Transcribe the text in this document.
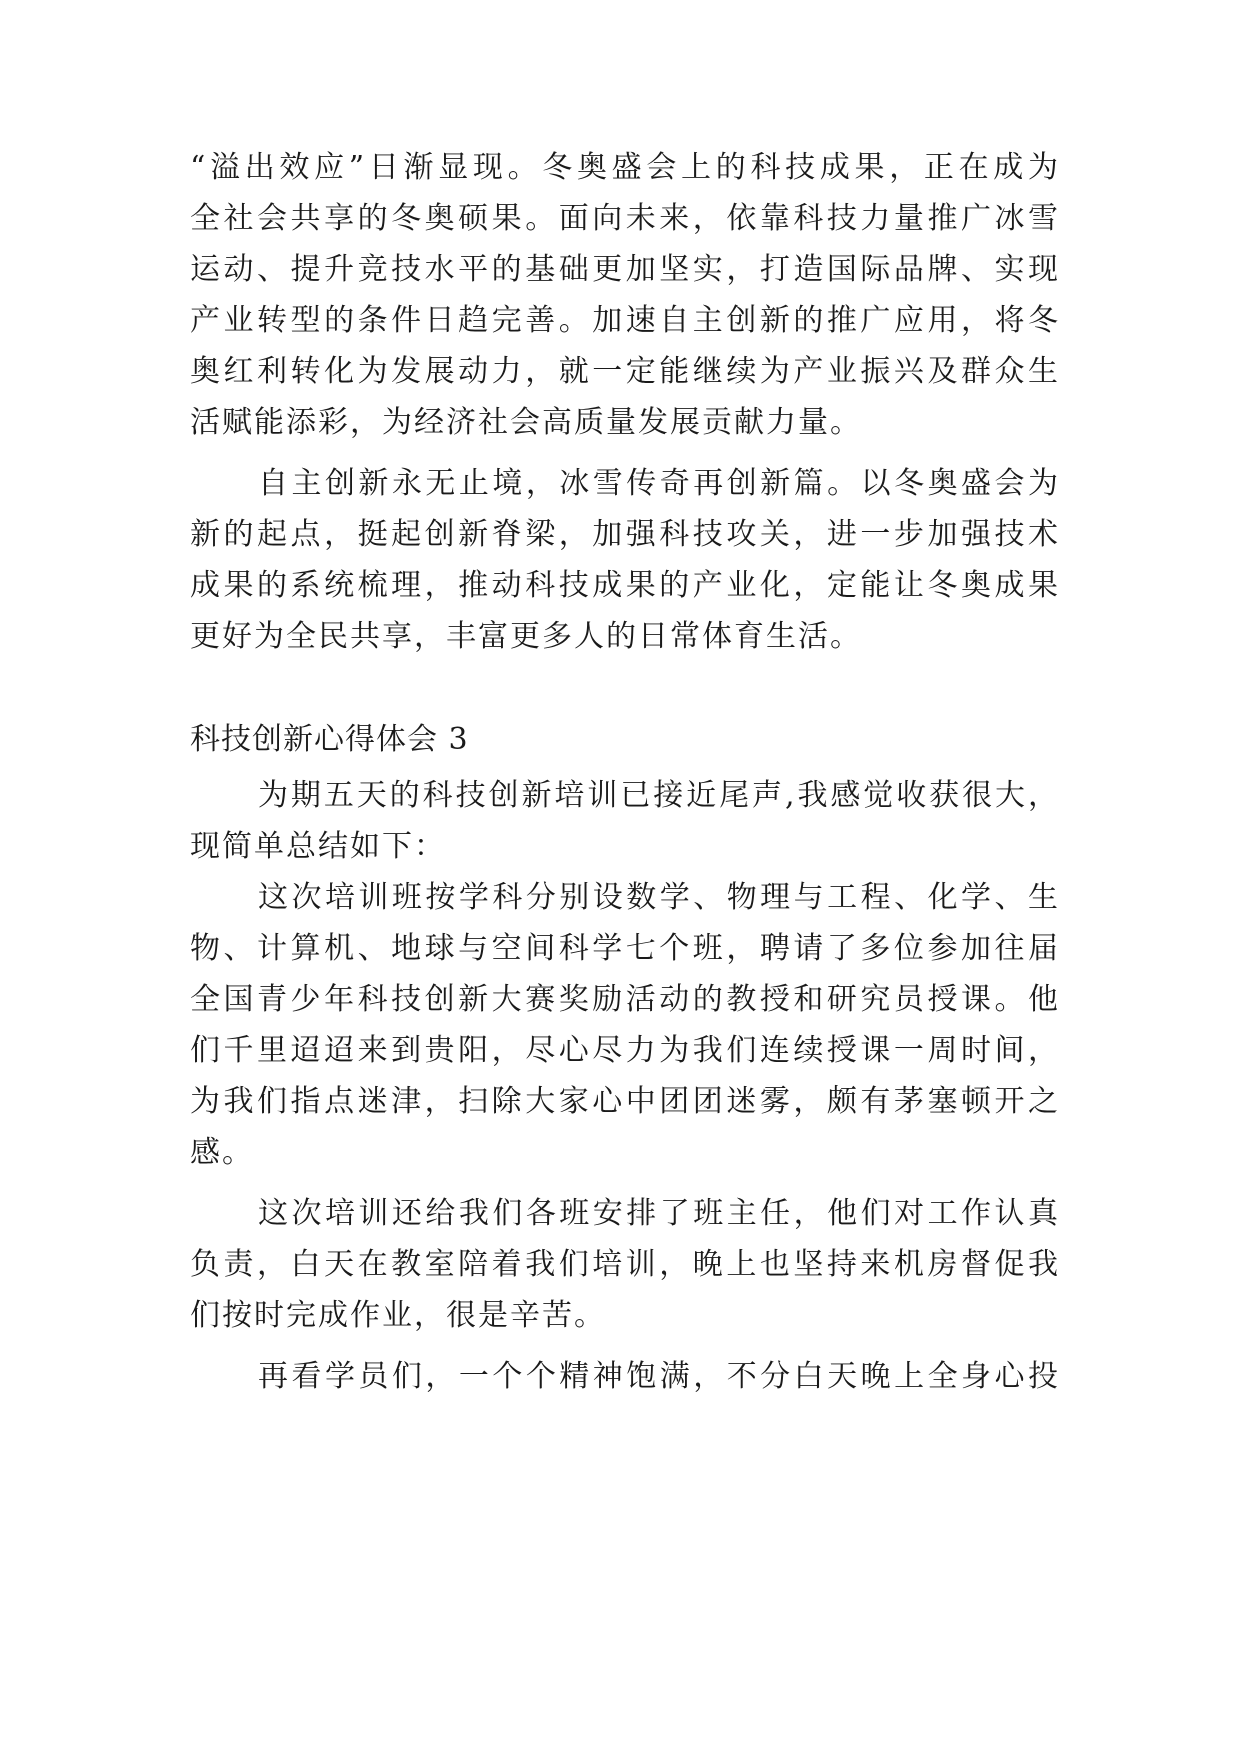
“溢出效应”日渐显现。冬奥盛会上的科技成果，正在成为
全社会共享的冬奥硕果。面向未来，依靠科技力量推广冰雪
运动、提升竞技水平的基础更加坚实，打造国际品牌、实现
产业转型的条件日趋完善。加速自主创新的推广应用，将冬
奥红利转化为发展动力，就一定能继续为产业振兴及群众生
活赋能添彩，为经济社会高质量发展贡献力量。
自主创新永无止境，冰雪传奇再创新篇。以冬奥盛会为
新的起点，挺起创新脊梁，加强科技攻关，进一步加强技术
成果的系统梳理，推动科技成果的产业化，定能让冬奥成果
更好为全民共享，丰富更多人的日常体育生活。
科技创新心得体会 3
为期五天的科技创新培训已接近尾声,我感觉收获很大，
现简单总结如下：
这次培训班按学科分别设数学、物理与工程、化学、生
物、计算机、地球与空间科学七个班，聘请了多位参加往届
全国青少年科技创新大赛奖励活动的教授和研究员授课。他
们千里迢迢来到贵阳，尽心尽力为我们连续授课一周时间，
为我们指点迷津，扫除大家心中团团迷雾，颇有茅塞顿开之
感。
这次培训还给我们各班安排了班主任，他们对工作认真
负责，白天在教室陪着我们培训，晚上也坚持来机房督促我
们按时完成作业，很是辛苦。
再看学员们，一个个精神饱满，不分白天晚上全身心投
